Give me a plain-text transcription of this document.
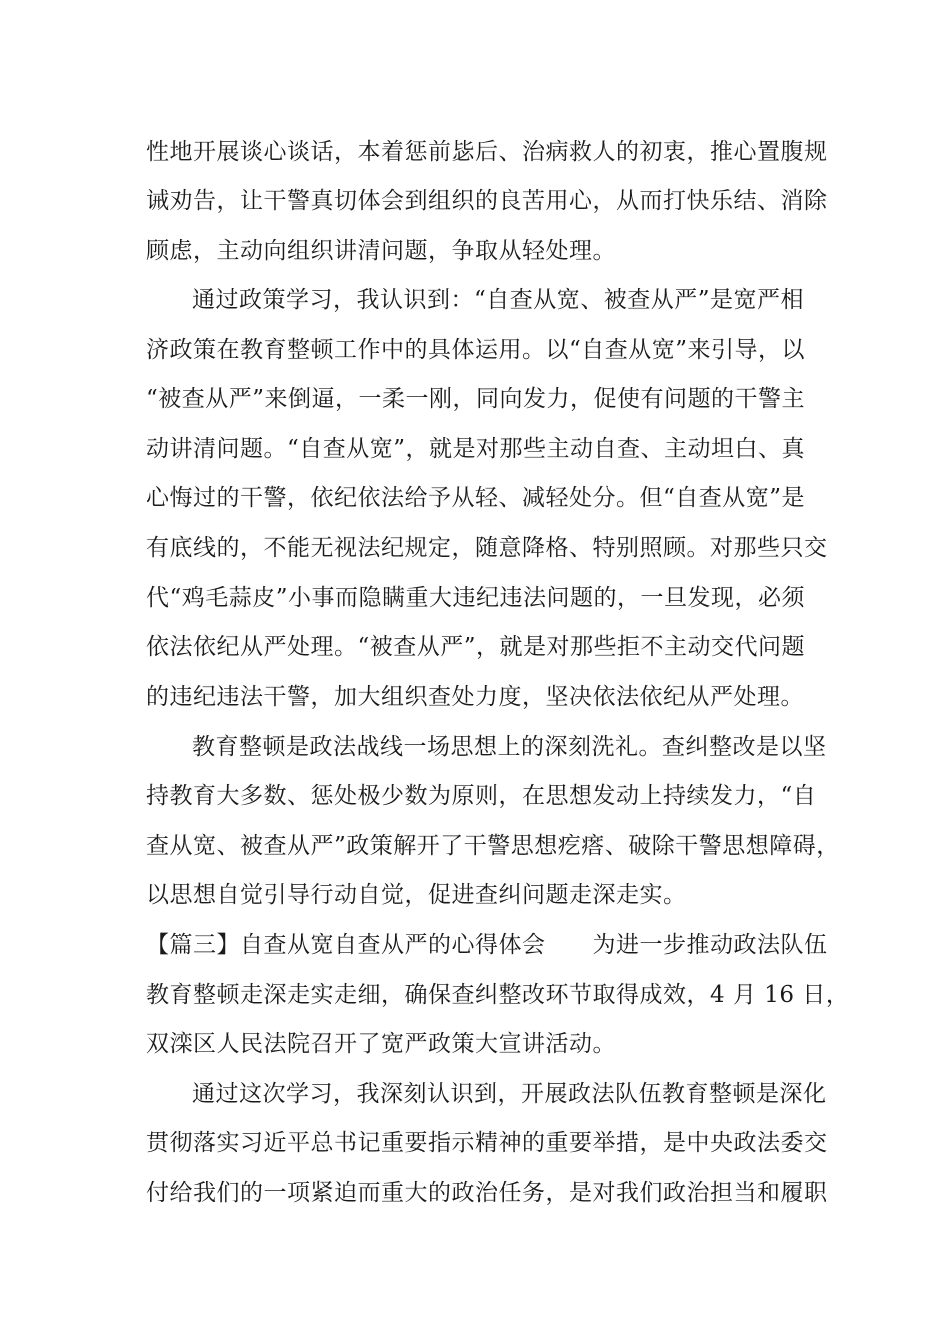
性地开展谈心谈话，本着惩前毖后、治病救人的初衷，推心置腹规
诫劝告，让干警真切体会到组织的良苦用心，从而打快乐结、消除
顾虑，主动向组织讲清问题，争取从轻处理。
通过政策学习，我认识到：“自查从宽、被查从严”是宽严相
济政策在教育整顿工作中的具体运用。以“自查从宽”来引导，以
“被查从严”来倒逼，一柔一刚，同向发力，促使有问题的干警主
动讲清问题。“自查从宽”，就是对那些主动自查、主动坦白、真
心悔过的干警，依纪依法给予从轻、减轻处分。但“自查从宽”是
有底线的，不能无视法纪规定，随意降格、特别照顾。对那些只交
代“鸡毛蒜皮”小事而隐瞒重大违纪违法问题的，一旦发现，必须
依法依纪从严处理。“被查从严”，就是对那些拒不主动交代问题
的违纪违法干警，加大组织查处力度，坚决依法依纪从严处理。
教育整顿是政法战线一场思想上的深刻洗礼。查纠整改是以坚
持教育大多数、惩处极少数为原则，在思想发动上持续发力，“自
查从宽、被查从严”政策解开了干警思想疙瘩、破除干警思想障碍，
以思想自觉引导行动自觉，促进查纠问题走深走实。
【篇三】自查从宽自查从严的心得体会　　为进一步推动政法队伍
教育整顿走深走实走细，确保查纠整改环节取得成效，4 月 16 日，
双滦区人民法院召开了宽严政策大宣讲活动。
通过这次学习，我深刻认识到，开展政法队伍教育整顿是深化
贯彻落实习近平总书记重要指示精神的重要举措，是中央政法委交
付给我们的一项紧迫而重大的政治任务，是对我们政治担当和履职
